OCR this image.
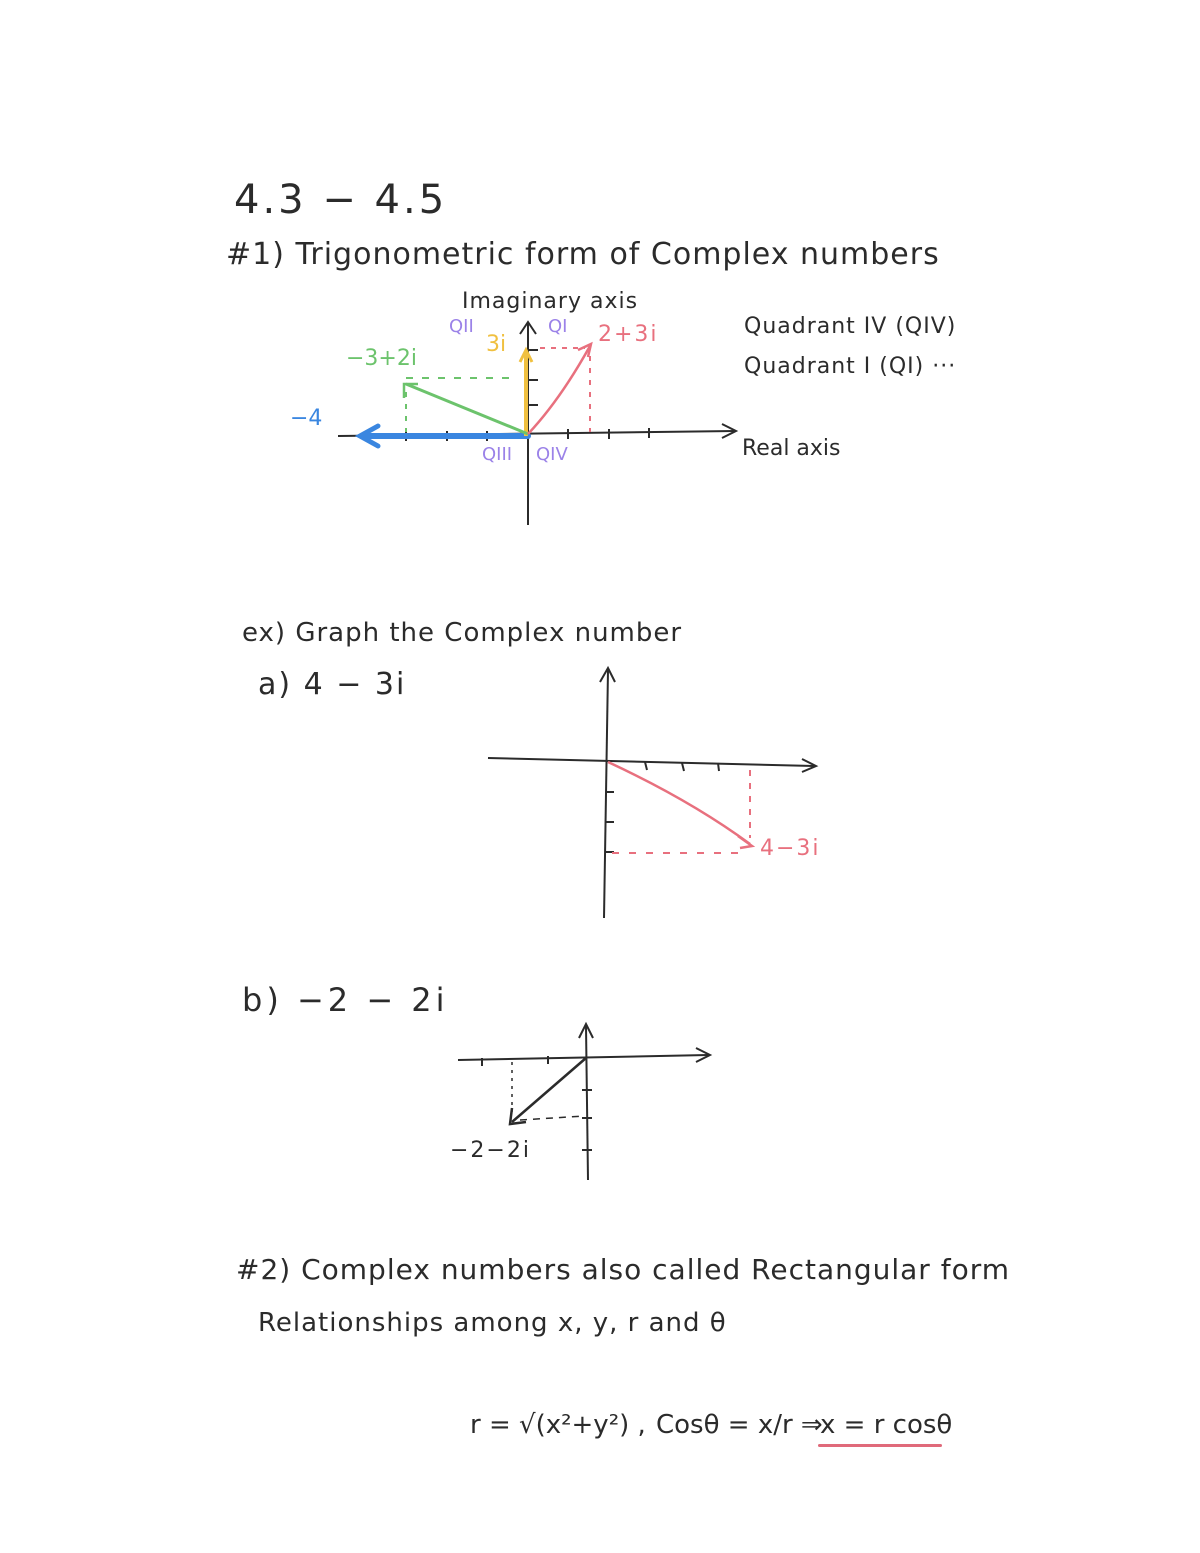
4.3 − 4.5
#1) Trigonometric form of Complex numbers
Imaginary axis
QII	QI
QIII QIV
3i	2+3i
−3+2i
−4
Real axis
Quadrant IV (QIV)
Quadrant I (QI) ···
ex) Graph the Complex number
a) 4 − 3i
4−3i
b) −2 − 2i
−2−2i
#2) Complex numbers also called Rectangular form
Relationships among x, y, r and θ
r = √(x²+y²) , Cosθ = x/r ⇒
x = r cosθ
